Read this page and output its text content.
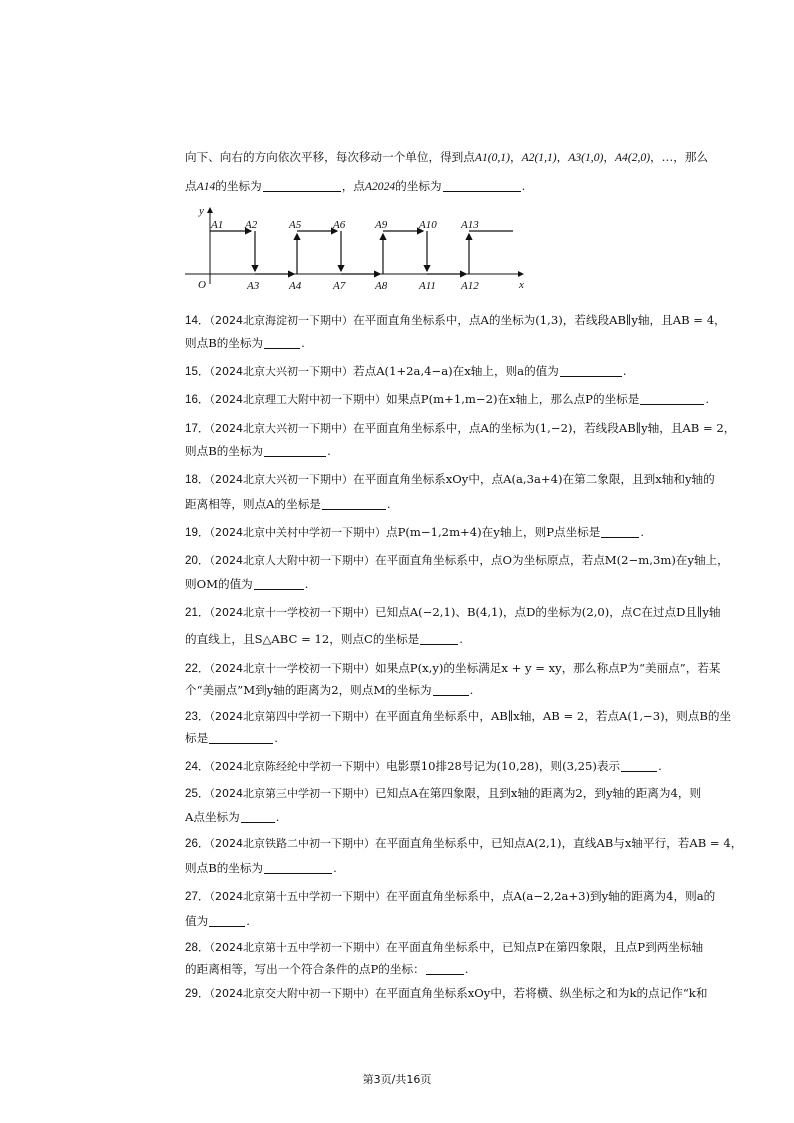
向下、向右的方向依次平移，每次移动一个单位，得到点A1(0,1)，A2(1,1)，A3(1,0)，A4(2,0)，…，那么
点A14的坐标为	，点A2024的坐标为	.
y
x
O
A1 A2	A5	A6	A9	A10 A13
A3	A4	A7	A8	A11 A12
14．（2024北京海淀初一下期中）在平面直角坐标系中，点A的坐标为(1,3)，若线段AB∥y轴，且AB = 4，
则点B的坐标为	.
15．（2024北京大兴初一下期中）若点A(1+2a,4−a)在x轴上，则a的值为	.
16．（2024北京理工大附中初一下期中）如果点P(m+1,m−2)在x轴上，那么点P的坐标是	.
17．（2024北京大兴初一下期中）在平面直角坐标系中，点A的坐标为(1,−2)，若线段AB∥y轴，且AB = 2，
则点B的坐标为	.
18．（2024北京大兴初一下期中）在平面直角坐标系xOy中，点A(a,3a+4)在第二象限，且到x轴和y轴的
距离相等，则点A的坐标是	.
19．（2024北京中关村中学初一下期中）点P(m−1,2m+4)在y轴上，则P点坐标是	.
20．（2024北京人大附中初一下期中）在平面直角坐标系中，点O为坐标原点，若点M(2−m,3m)在y轴上，
则OM的值为	.
21．（2024北京十一学校初一下期中）已知点A(−2,1)、B(4,1)，点D的坐标为(2,0)，点C在过点D且∥y轴
的直线上，且S△ABC = 12，则点C的坐标是	.
22．（2024北京十一学校初一下期中）如果点P(x,y)的坐标满足x + y = xy，那么称点P为“美丽点”，若某
个“美丽点”M到y轴的距离为2，则点M的坐标为	.
23．（2024北京第四中学初一下期中）在平面直角坐标系中，AB∥x轴，AB = 2，若点A(1,−3)，则点B的坐
标是	.
24．（2024北京陈经纶中学初一下期中）电影票10排28号记为(10,28)，则(3,25)表示	.
25．（2024北京第三中学初一下期中）已知点A在第四象限，且到x轴的距离为2，到y轴的距离为4，则
A点坐标为	.
26．（2024北京铁路二中初一下期中）在平面直角坐标系中，已知点A(2,1)，直线AB与x轴平行，若AB = 4，
则点B的坐标为	.
27．（2024北京第十五中学初一下期中）在平面直角坐标系中，点A(a−2,2a+3)到y轴的距离为4，则a的
值为	.
28．（2024北京第十五中学初一下期中）在平面直角坐标系中，已知点P在第四象限，且点P到两坐标轴
的距离相等，写出一个符合条件的点P的坐标：	.
29．（2024北京交大附中初一下期中）在平面直角坐标系xOy中，若将横、纵坐标之和为k的点记作“k和
第3页/共16页
